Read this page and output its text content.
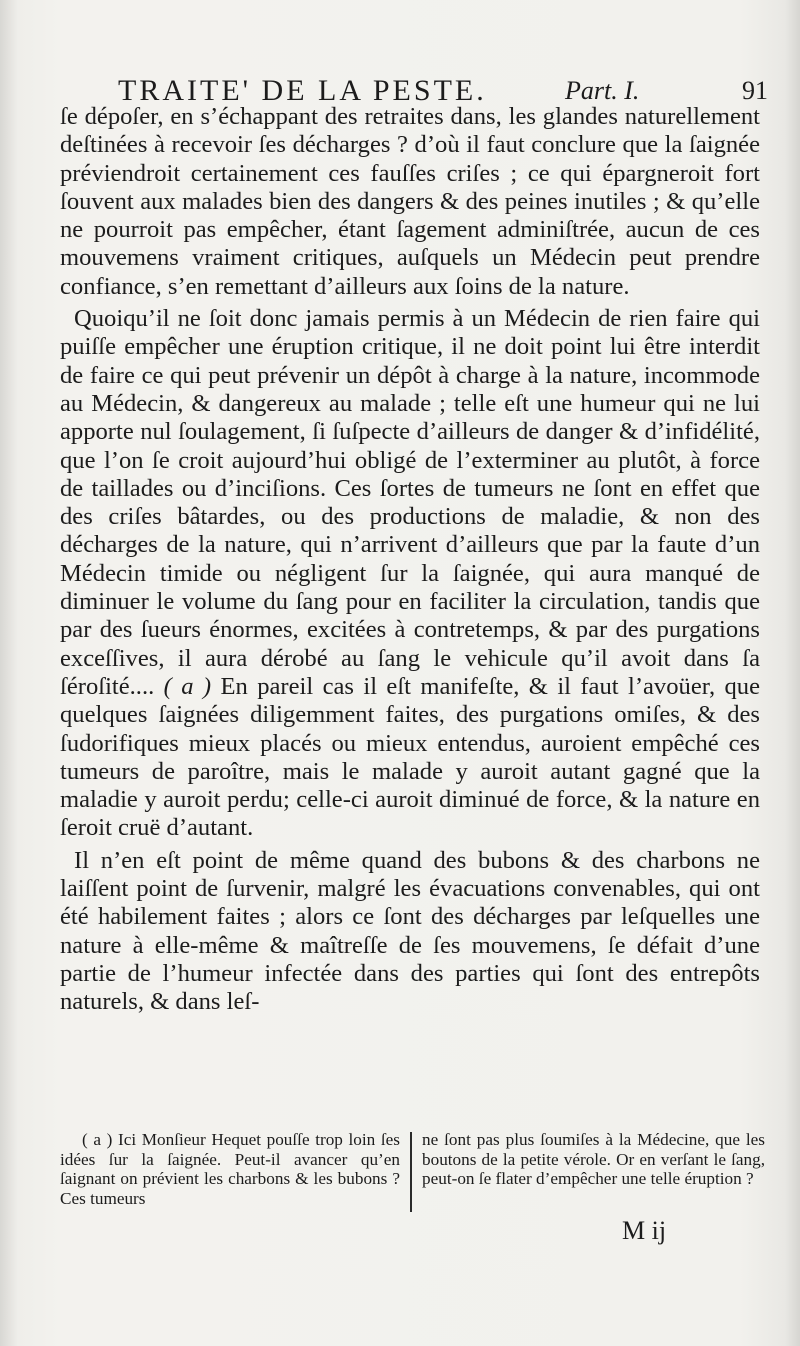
TRAITE' DE LA PESTE.	Part. I.	91

ſe dépoſer, en s’échappant des retraites dans, les glandes naturellement deſtinées à recevoir ſes décharges ? d’où il faut conclure que la ſaignée préviendroit certainement ces fauſſes criſes ; ce qui épargneroit fort ſouvent aux malades bien des dangers & des peines inutiles ; & qu’elle ne pourroit pas empêcher, étant ſagement adminiſtrée, aucun de ces mouvemens vraiment critiques, auſquels un Médecin peut prendre confiance, s’en remettant d’ailleurs aux ſoins de la nature.

Quoiqu’il ne ſoit donc jamais permis à un Médecin de rien faire qui puiſſe empêcher une éruption critique, il ne doit point lui être interdit de faire ce qui peut prévenir un dépôt à charge à la nature, incommode au Médecin, & dangereux au malade ; telle eſt une humeur qui ne lui apporte nul ſoulagement, ſi ſuſpecte d’ailleurs de danger & d’infidélité, que l’on ſe croit aujourd’hui obligé de l’exterminer au plutôt, à force de taillades ou d’inciſions. Ces ſortes de tumeurs ne ſont en effet que des criſes bâtardes, ou des productions de maladie, & non des décharges de la nature, qui n’arrivent d’ailleurs que par la faute d’un Médecin timide ou négligent ſur la ſaignée, qui aura manqué de diminuer le volume du ſang pour en faciliter la circulation, tandis que par des ſueurs énormes, excitées à contretemps, & par des purgations exceſſives, il aura dérobé au ſang le vehicule qu’il avoit dans ſa ſéroſité.... ( a ) En pareil cas il eſt manifeſte, & il faut l’avoüer, que quelques ſaignées diligemment faites, des purgations omiſes, & des ſudorifiques mieux placés ou mieux entendus, auroient empêché ces tumeurs de paroître, mais le malade y auroit autant gagné que la maladie y auroit perdu; celle-ci auroit diminué de force, & la nature en ſeroit cruë d’autant.

Il n’en eſt point de même quand des bubons & des charbons ne laiſſent point de ſurvenir, malgré les évacuations convenables, qui ont été habilement faites ; alors ce ſont des décharges par leſquelles une nature à elle-même & maîtreſſe de ſes mouvemens, ſe défait d’une partie de l’humeur infectée dans des parties qui ſont des entrepôts naturels, & dans leſ-

( a ) Ici Monſieur Hequet pouſſe trop loin ſes idées ſur la ſaignée. Peut-il avancer qu’en ſaignant on prévient les charbons & les bubons ? Ces tumeurs
ne ſont pas plus ſoumiſes à la Médecine, que les boutons de la petite vérole. Or en verſant le ſang, peut-on ſe flater d’empêcher une telle éruption ?
M ij
